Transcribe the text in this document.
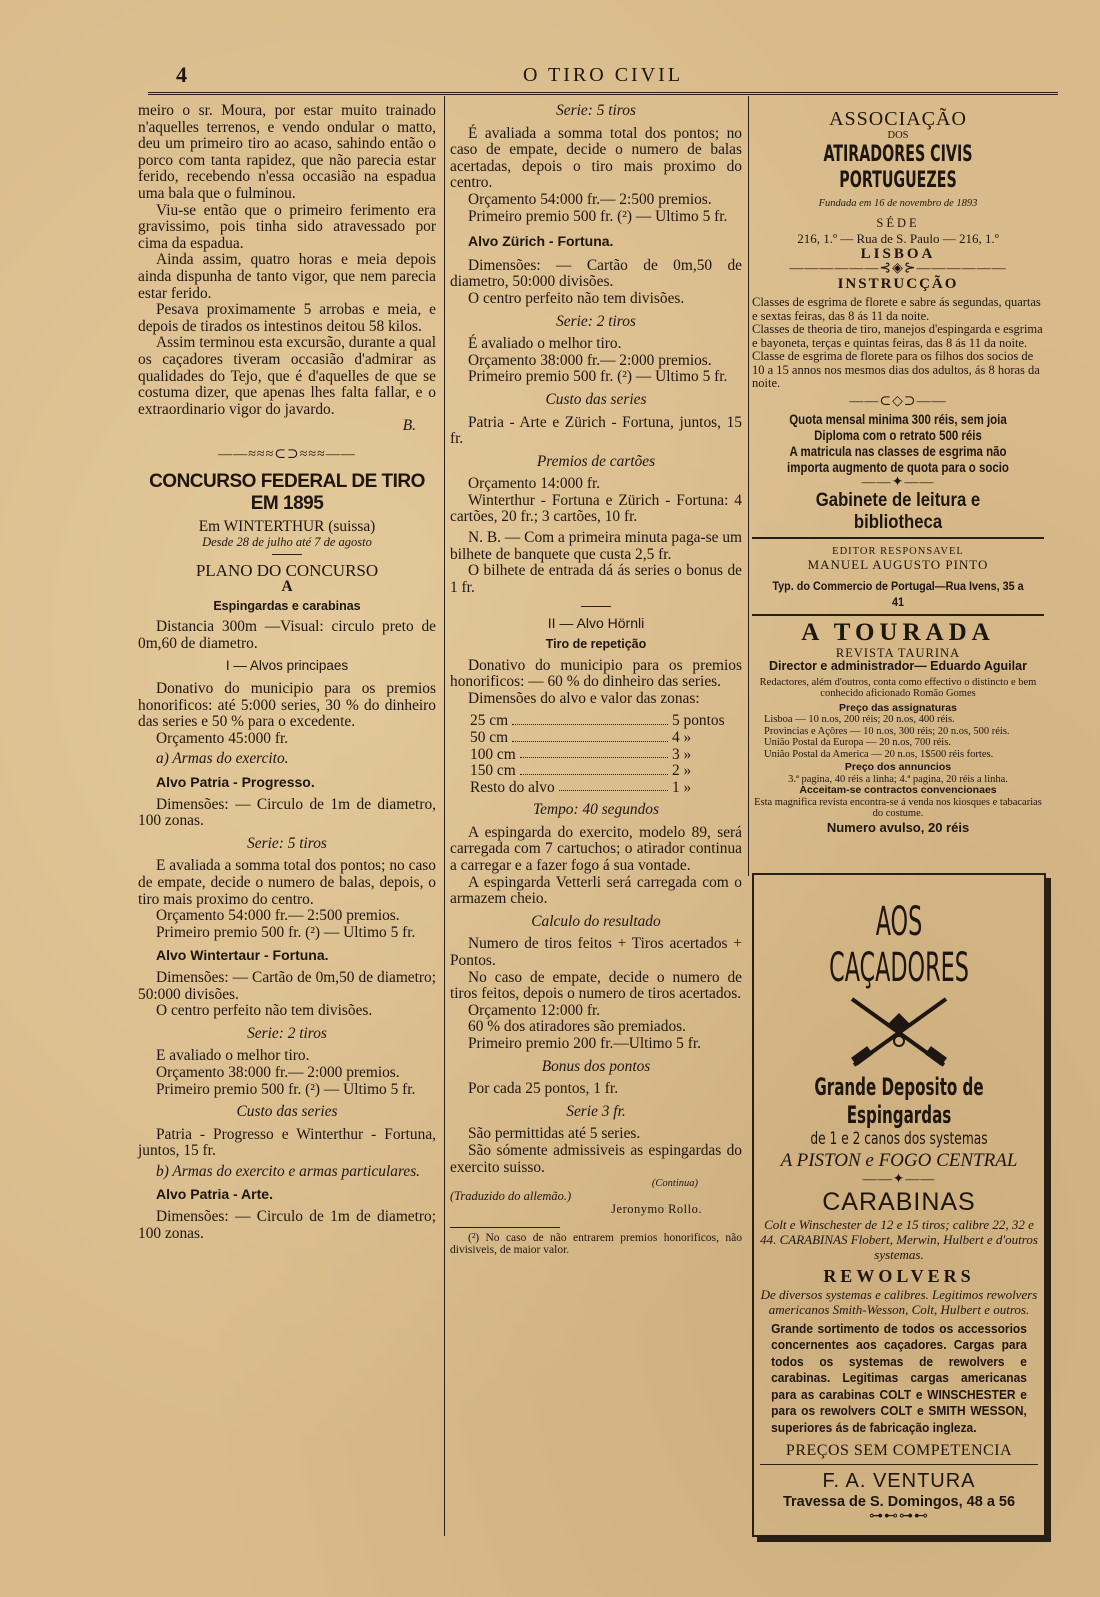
4	O TIRO CIVIL

meiro o sr. Moura, por estar muito trainado n'aquelles terrenos, e vendo ondular o matto, deu um primeiro tiro ao acaso, sahindo então o porco com tanta rapidez, que não parecia estar ferido, recebendo n'essa occasião na espadua uma bala que o fulminou.

Viu-se então que o primeiro ferimento era gravissimo, pois tinha sido atravessado por cima da espadua.

Ainda assim, quatro horas e meia depois ainda dispunha de tanto vigor, que nem parecia estar ferido.

Pesava proximamente 5 arrobas e meia, e depois de tirados os intestinos deitou 58 kilos.

Assim terminou esta excursão, durante a qual os caçadores tiveram occasião d'admirar as qualidades do Tejo, que é d'aquelles de que se costuma dizer, que apenas lhes falta fallar, e o extraordinario vigor do javardo.

B.

——≈≈≈⊂⊃≈≈≈——
CONCURSO FEDERAL DE TIRO EM 1895

Em WINTERTHUR (suissa)

Desde 28 de julho até 7 de agosto

PLANO DO CONCURSO

A

Espingardas e carabinas

Distancia 300m —Visual: circulo preto de 0m,60 de diametro.

I — Alvos principaes

Donativo do municipio para os premios honorificos: até 5:000 series, 30 % do dinheiro das series e 50 % para o excedente.

Orçamento 45:000 fr.

a) Armas do exercito.

Alvo Patria - Progresso.

Dimensões: — Circulo de 1m de diametro, 100 zonas.

Serie: 5 tiros

E avaliada a somma total dos pontos; no caso de empate, decide o numero de balas, depois, o tiro mais proximo do centro.

Orçamento 54:000 fr.— 2:500 premios.

Primeiro premio 500 fr. (²) — Ultimo 5 fr.

Alvo Wintertaur - Fortuna.

Dimensões: — Cartão de 0m,50 de diametro; 50:000 divisões.

O centro perfeito não tem divisões.

Serie: 2 tiros

E avaliado o melhor tiro.

Orçamento 38:000 fr.— 2:000 premios.

Primeiro premio 500 fr. (²) — Ultimo 5 fr.

Custo das series

Patria - Progresso e Winterthur - Fortuna, juntos, 15 fr.

b) Armas do exercito e armas particulares.

Alvo Patria - Arte.

Dimensões: — Circulo de 1m de diametro; 100 zonas.

Serie: 5 tiros

É avaliada a somma total dos pontos; no caso de empate, decide o numero de balas acertadas, depois o tiro mais proximo do centro.

Orçamento 54:000 fr.— 2:500 premios.

Primeiro premio 500 fr. (²) — Ultimo 5 fr.

Alvo Zürich - Fortuna.

Dimensões: — Cartão de 0m,50 de diametro, 50:000 divisões.

O centro perfeito não tem divisões.

Serie: 2 tiros

É avaliado o melhor tiro.

Orçamento 38:000 fr.— 2:000 premios.

Primeiro premio 500 fr. (²) — Ultimo 5 fr.

Custo das series

Patria - Arte e Zürich - Fortuna, juntos, 15 fr.

Premios de cartões

Orçamento 14:000 fr.

Winterthur - Fortuna e Zürich - Fortuna: 4 cartões, 20 fr.; 3 cartões, 10 fr.

N. B. — Com a primeira minuta paga-se um bilhete de banquete que custa 2,5 fr.

O bilhete de entrada dá ás series o bonus de 1 fr.

II — Alvo Hörnli

Tiro de repetição

Donativo do municipio para os premios honorificos: — 60 % do dinheiro das series.

Dimensões do alvo e valor das zonas:

25 cm	5 pontos
50 cm	4 »
100 cm	3 »
150 cm	2 »
Resto do alvo	1 »

Tempo: 40 segundos

A espingarda do exercito, modelo 89, será carregada com 7 cartuchos; o atirador continua a carregar e a fazer fogo á sua vontade.

A espingarda Vetterli será carregada com o armazem cheio.

Calculo do resultado

Numero de tiros feitos + Tiros acertados + Pontos.

No caso de empate, decide o numero de tiros feitos, depois o numero de tiros acertados.

Orçamento 12:000 fr.

60 % dos atiradores são premiados.

Primeiro premio 200 fr.—Ultimo 5 fr.

Bonus dos pontos

Por cada 25 pontos, 1 fr.

Serie 3 fr.

São permittidas até 5 series.

São sómente admissiveis as espingardas do exercito suisso.

(Continua)

(Traduzido do allemão.)

Jeronymo Rollo.

(²) No caso de não entrarem premios honorificos, não divisiveis, de maior valor.

ASSOCIAÇÃO
DOS
ATIRADORES CIVIS PORTUGUEZES
Fundada em 16 de novembro de 1893
SÉDE
216, 1.º — Rua de S. Paulo — 216, 1.º
LISBOA
——————⊰◈⊱——————
INSTRUCÇÃO
Classes de esgrima de florete e sabre ás segundas, quartas e sextas feiras, das 8 ás 11 da noite.
Classes de theoria de tiro, manejos d'espingarda e esgrima e bayoneta, terças e quintas feiras, das 8 ás 11 da noite.
Classe de esgrima de florete para os filhos dos socios de 10 a 15 annos nos mesmos dias dos adultos, ás 8 horas da noite.
——⊂◇⊃——
Quota mensal minima 300 réis, sem joia
Diploma com o retrato 500 réis
A matricula nas classes de esgrima não importa augmento de quota para o socio
——✦——
Gabinete de leitura e bibliotheca
EDITOR RESPONSAVEL
MANUEL AUGUSTO PINTO
Typ. do Commercio de Portugal—Rua Ivens, 35 a 41
A TOURADA
REVISTA TAURINA
Director e administrador— Eduardo Aguilar
Redactores, além d'outros, conta como effectivo o distincto e bem conhecido aficionado Romão Gomes
Preço das assignaturas
Lisboa — 10 n.os, 200 réis; 20 n.os, 400 réis.
Provincias e Açôres — 10 n.os, 300 réis; 20 n.os, 500 réis.
União Postal da Europa — 20 n.os, 700 réis.
União Postal da America — 20 n.os, 1$500 réis fortes.
Preço dos annuncios
3.ª pagina, 40 réis a linha; 4.ª pagina, 20 réis a linha.
Acceitam-se contractos convencionaes
Esta magnifica revista encontra-se á venda nos kiosques e tabacarias do costume.
Numero avulso, 20 réis
AOS CAÇADORES
Grande Deposito de Espingardas
de 1 e 2 canos dos systemas
A PISTON e FOGO CENTRAL
——✦——
CARABINAS
Colt e Winschester de 12 e 15 tiros; calibre 22, 32 e 44. CARABINAS Flobert, Merwin, Hulbert e d'outros systemas.
REWOLVERS
De diversos systemas e calibres. Legitimos rewolvers americanos Smith-Wesson, Colt, Hulbert e outros.
Grande sortimento de todos os accessorios concernentes aos caçadores. Cargas para todos os systemas de rewolvers e carabinas. Legitimas cargas americanas para as carabinas COLT e WINSCHESTER e para os rewolvers COLT e SMITH WESSON, superiores ás de fabricação ingleza.
PREÇOS SEM COMPETENCIA
F. A. VENTURA
Travessa de S. Domingos, 48 a 56
⊶⊷⊶⊷
